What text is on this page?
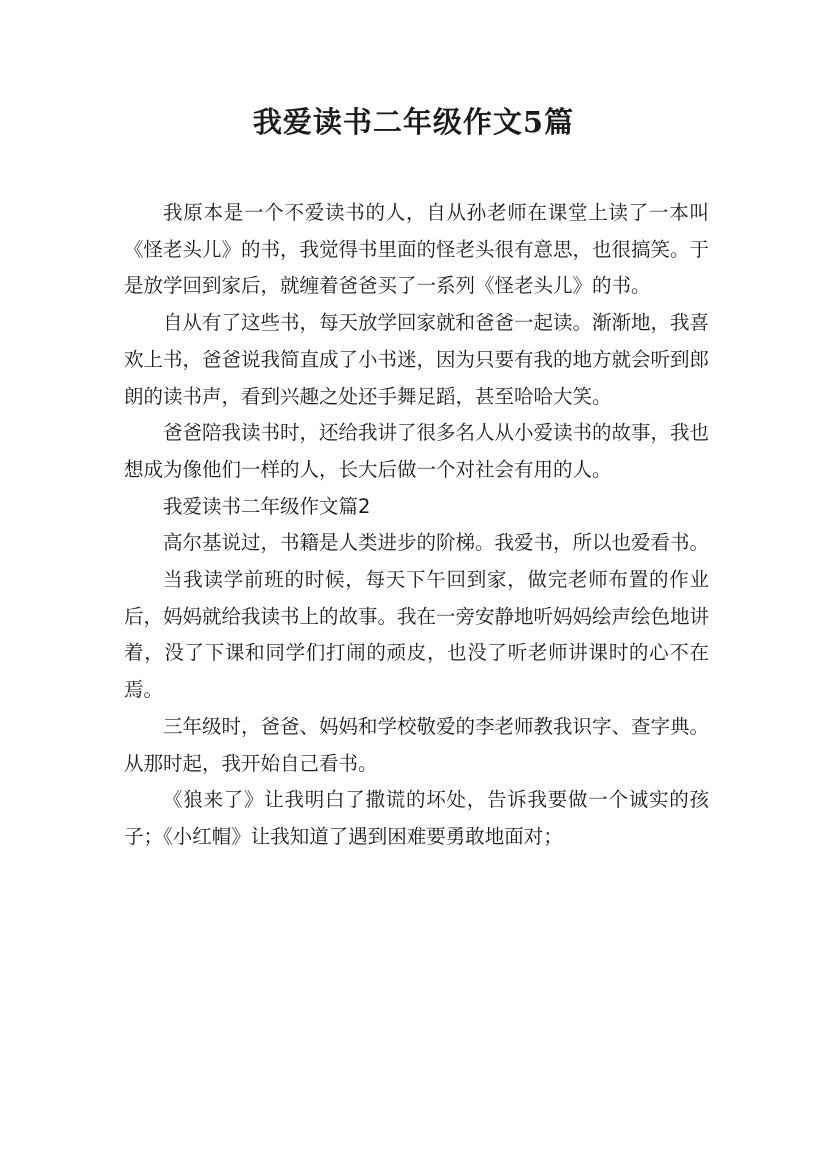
我爱读书二年级作文5篇

我原本是一个不爱读书的人，自从孙老师在课堂上读了一本叫《怪老头儿》的书，我觉得书里面的怪老头很有意思，也很搞笑。于是放学回到家后，就缠着爸爸买了一系列《怪老头儿》的书。

自从有了这些书，每天放学回家就和爸爸一起读。渐渐地，我喜欢上书，爸爸说我简直成了小书迷，因为只要有我的地方就会听到郎朗的读书声，看到兴趣之处还手舞足蹈，甚至哈哈大笑。

爸爸陪我读书时，还给我讲了很多名人从小爱读书的故事，我也想成为像他们一样的人，长大后做一个对社会有用的人。

我爱读书二年级作文篇2

高尔基说过，书籍是人类进步的阶梯。我爱书，所以也爱看书。

当我读学前班的时候，每天下午回到家，做完老师布置的作业后，妈妈就给我读书上的故事。我在一旁安静地听妈妈绘声绘色地讲着，没了下课和同学们打闹的顽皮，也没了听老师讲课时的心不在焉。

三年级时，爸爸、妈妈和学校敬爱的李老师教我识字、查字典。从那时起，我开始自己看书。

《狼来了》让我明白了撒谎的坏处，告诉我要做一个诚实的孩子；《小红帽》让我知道了遇到困难要勇敢地面对；
